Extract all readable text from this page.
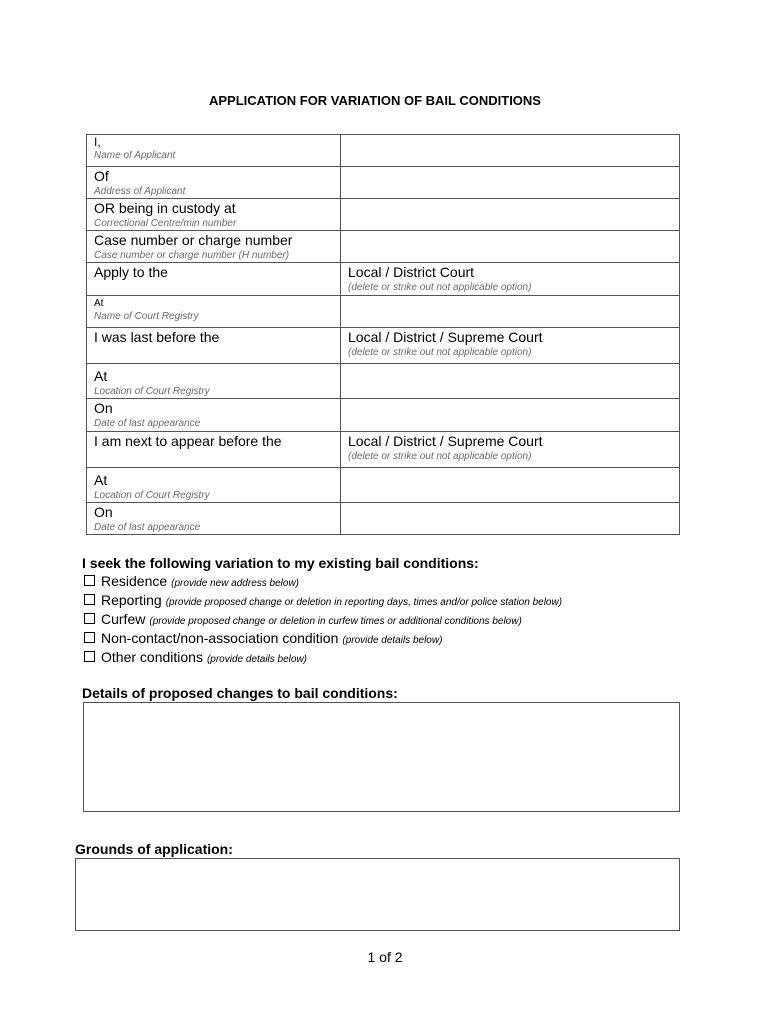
APPLICATION FOR VARIATION OF BAIL CONDITIONS
I,
Name of Applicant	

Of
Address of Applicant	

OR being in custody at
Correctional Centre/min number	

Case number or charge number
Case number or charge number (H number)	

Apply to the	Local / District Court
(delete or strike out not applicable option)

At
Name of Court Registry	

I was last before the	Local / District / Supreme Court
(delete or strike out not applicable option)

At
Location of Court Registry	

On
Date of last appearance	

I am next to appear before the	Local / District / Supreme Court
(delete or strike out not applicable option)

At
Location of Court Registry	

On
Date of last appearance	

I seek the following variation to my existing bail conditions:
Residence (provide new address below)
Reporting (provide proposed change or deletion in reporting days, times and/or police station below)
Curfew (provide proposed change or deletion in curfew times or additional conditions below)
Non-contact/non-association condition (provide details below)
Other conditions (provide details below)
Details of proposed changes to bail conditions:
Grounds of application:
1 of 2
